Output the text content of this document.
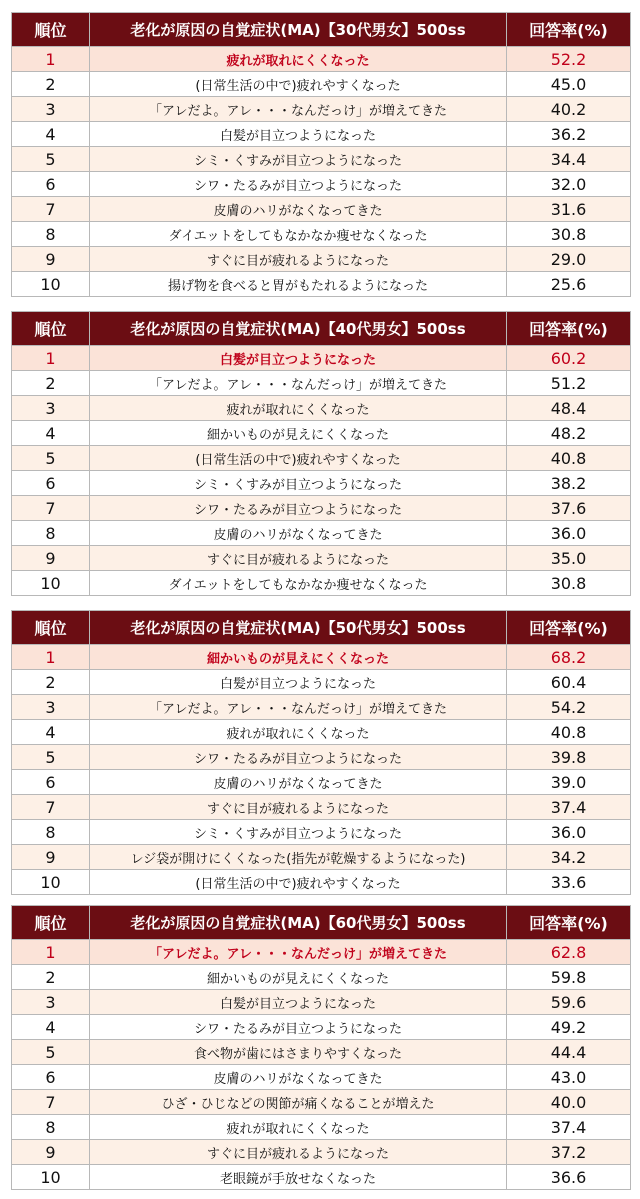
順位	老化が原因の自覚症状(MA)【30代男女】500ss	回答率(%)
1	疲れが取れにくくなった	52.2
2	(日常生活の中で)疲れやすくなった	45.0
3	「アレだよ。アレ・・・なんだっけ」が増えてきた	40.2
4	白髪が目立つようになった	36.2
5	シミ・くすみが目立つようになった	34.4
6	シワ・たるみが目立つようになった	32.0
7	皮膚のハリがなくなってきた	31.6
8	ダイエットをしてもなかなか痩せなくなった	30.8
9	すぐに目が疲れるようになった	29.0
10	揚げ物を食べると胃がもたれるようになった	25.6
順位	老化が原因の自覚症状(MA)【40代男女】500ss	回答率(%)
1	白髪が目立つようになった	60.2
2	「アレだよ。アレ・・・なんだっけ」が増えてきた	51.2
3	疲れが取れにくくなった	48.4
4	細かいものが見えにくくなった	48.2
5	(日常生活の中で)疲れやすくなった	40.8
6	シミ・くすみが目立つようになった	38.2
7	シワ・たるみが目立つようになった	37.6
8	皮膚のハリがなくなってきた	36.0
9	すぐに目が疲れるようになった	35.0
10	ダイエットをしてもなかなか痩せなくなった	30.8
順位	老化が原因の自覚症状(MA)【50代男女】500ss	回答率(%)
1	細かいものが見えにくくなった	68.2
2	白髪が目立つようになった	60.4
3	「アレだよ。アレ・・・なんだっけ」が増えてきた	54.2
4	疲れが取れにくくなった	40.8
5	シワ・たるみが目立つようになった	39.8
6	皮膚のハリがなくなってきた	39.0
7	すぐに目が疲れるようになった	37.4
8	シミ・くすみが目立つようになった	36.0
9	レジ袋が開けにくくなった(指先が乾燥するようになった)	34.2
10	(日常生活の中で)疲れやすくなった	33.6
順位	老化が原因の自覚症状(MA)【60代男女】500ss	回答率(%)
1	「アレだよ。アレ・・・なんだっけ」が増えてきた	62.8
2	細かいものが見えにくくなった	59.8
3	白髪が目立つようになった	59.6
4	シワ・たるみが目立つようになった	49.2
5	食べ物が歯にはさまりやすくなった	44.4
6	皮膚のハリがなくなってきた	43.0
7	ひざ・ひじなどの関節が痛くなることが増えた	40.0
8	疲れが取れにくくなった	37.4
9	すぐに目が疲れるようになった	37.2
10	老眼鏡が手放せなくなった	36.6
